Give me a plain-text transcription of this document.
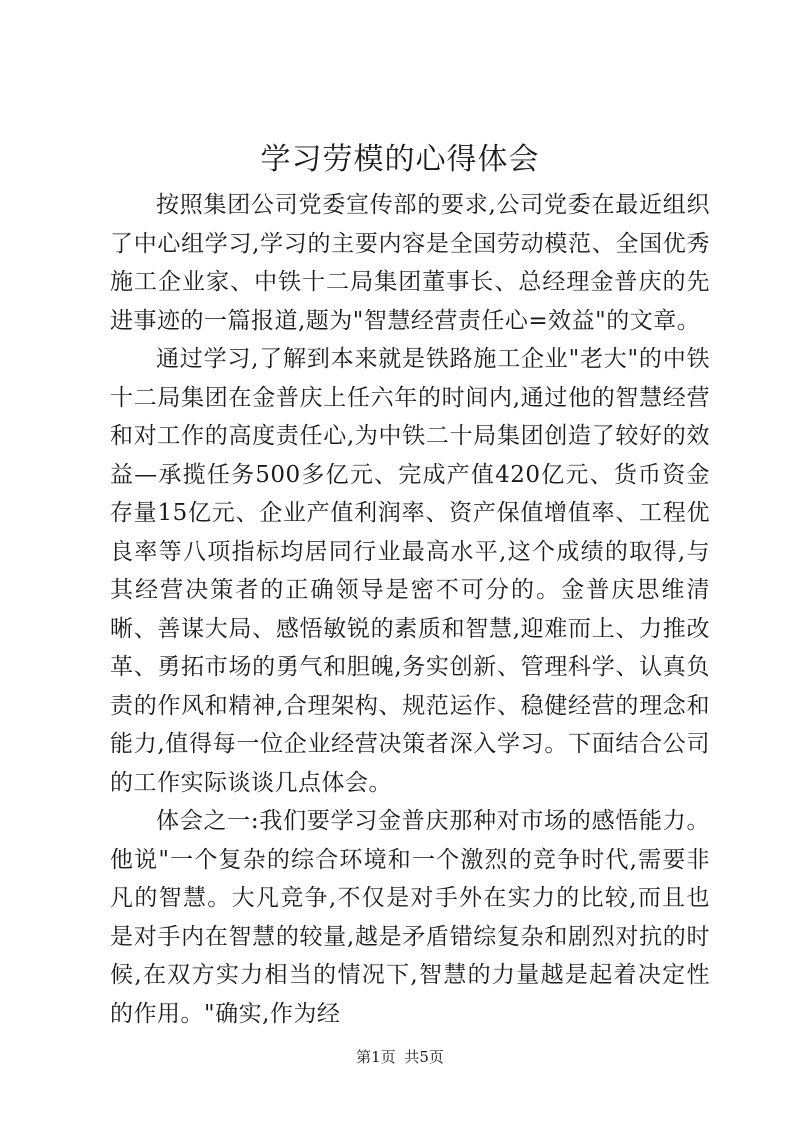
学习劳模的心得体会

按照集团公司党委宣传部的要求,公司党委在最近组织了中心组学习,学习的主要内容是全国劳动模范、全国优秀施工企业家、中铁十二局集团董事长、总经理金普庆的先进事迹的一篇报道,题为"智慧经营责任心=效益"的文章。

通过学习,了解到本来就是铁路施工企业"老大"的中铁十二局集团在金普庆上任六年的时间内,通过他的智慧经营和对工作的高度责任心,为中铁二十局集团创造了较好的效益—承揽任务500多亿元、完成产值420亿元、货币资金存量15亿元、企业产值利润率、资产保值增值率、工程优良率等八项指标均居同行业最高水平,这个成绩的取得,与其经营决策者的正确领导是密不可分的。金普庆思维清晰、善谋大局、感悟敏锐的素质和智慧,迎难而上、力推改革、勇拓市场的勇气和胆魄,务实创新、管理科学、认真负责的作风和精神,合理架构、规范运作、稳健经营的理念和能力,值得每一位企业经营决策者深入学习。下面结合公司的工作实际谈谈几点体会。

体会之一:我们要学习金普庆那种对市场的感悟能力。他说"一个复杂的综合环境和一个激烈的竞争时代,需要非凡的智慧。大凡竞争,不仅是对手外在实力的比较,而且也是对手内在智慧的较量,越是矛盾错综复杂和剧烈对抗的时候,在双方实力相当的情况下,智慧的力量越是起着决定性的作用。"确实,作为经

第1页 共5页
